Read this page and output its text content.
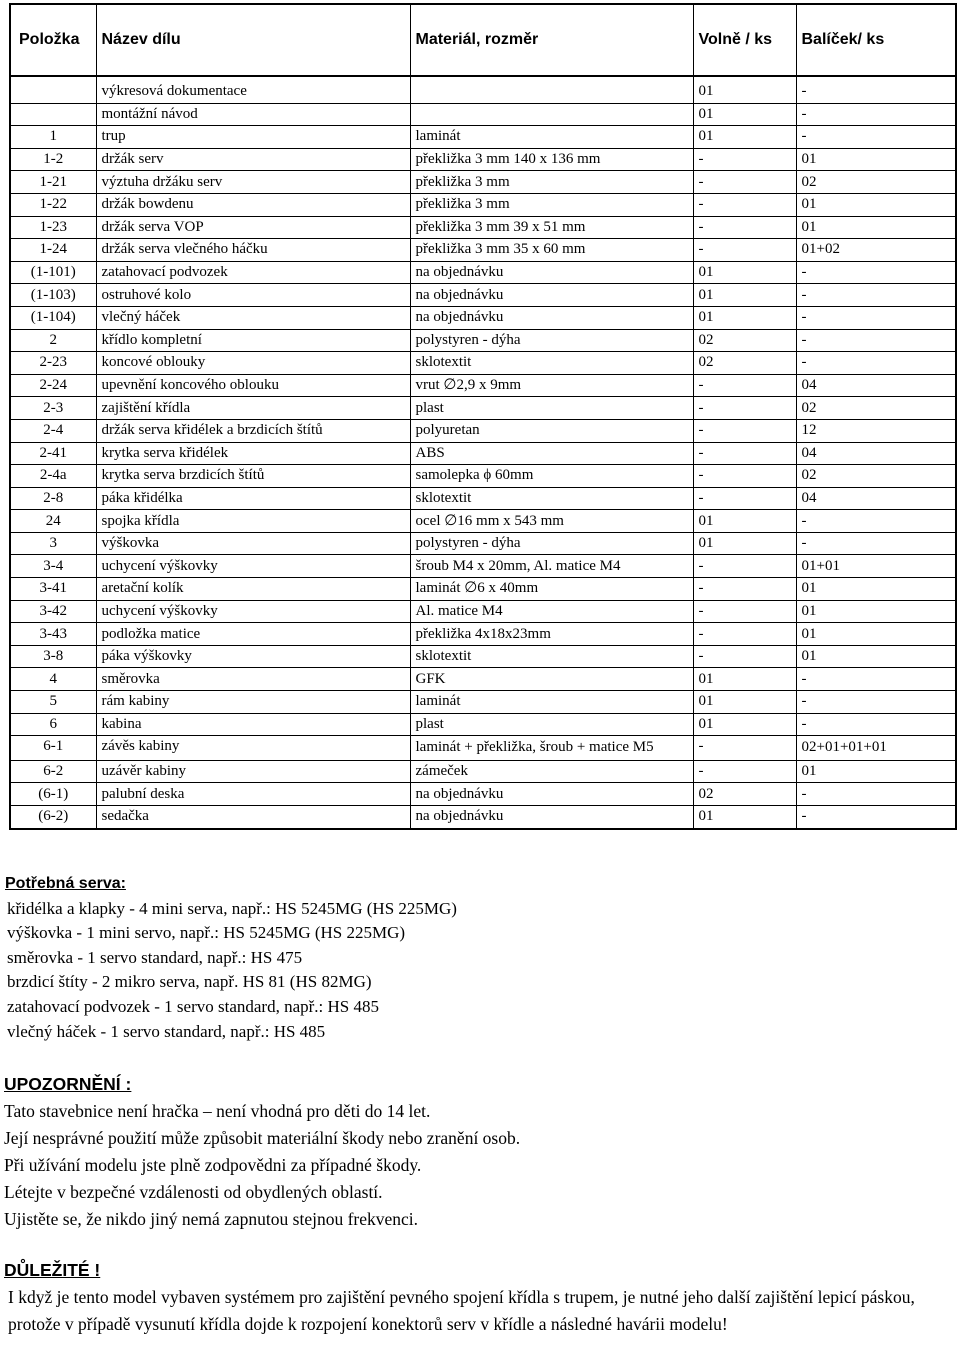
Položka	Název dílu	Materiál, rozměr	Volně / ks	Balíček/ ks
	výkresová dokumentace		01	-
	montážní návod		01	-
1	trup	laminát	01	-
1-2	držák serv	překližka 3 mm 140 x 136 mm	-	01
1-21	výztuha držáku serv	překližka 3 mm	-	02
1-22	držák bowdenu	překližka 3 mm	-	01
1-23	držák serva VOP	překližka 3 mm 39 x 51 mm	-	01
1-24	držák serva vlečného háčku	překližka 3 mm 35 x 60 mm	-	01+02
(1-101)	zatahovací podvozek	na objednávku	01	-
(1-103)	ostruhové kolo	na objednávku	01	-
(1-104)	vlečný háček	na objednávku	01	-
2	křídlo kompletní	polystyren - dýha	02	-
2-23	koncové oblouky	sklotextit	02	-
2-24	upevnění koncového oblouku	vrut ∅2,9 x 9mm	-	04
2-3	zajištění křídla	plast	-	02
2-4	držák serva křidélek a brzdicích štítů	polyuretan	-	12
2-41	krytka serva křidélek	ABS	-	04
2-4a	krytka serva brzdicích štítů	samolepka ϕ 60mm	-	02
2-8	páka křidélka	sklotextit	-	04
24	spojka křídla	ocel ∅16 mm x 543 mm	01	-
3	výškovka	polystyren - dýha	01	-
3-4	uchycení výškovky	šroub M4 x 20mm, Al. matice M4	-	01+01
3-41	aretační kolík	laminát ∅6 x 40mm	-	01
3-42	uchycení výškovky	Al. matice M4	-	01
3-43	podložka matice	překližka 4x18x23mm	-	01
3-8	páka výškovky	sklotextit	-	01
4	směrovka	GFK	01	-
5	rám kabiny	laminát	01	-
6	kabina	plast	01	-
6-1	závěs kabiny	laminát + překližka, šroub + matice M5	-	02+01+01+01
6-2	uzávěr kabiny	zámeček	-	01
(6-1)	palubní deska	na objednávku	02	-
(6-2)	sedačka	na objednávku	01	-
Potřebná serva:
křidélka a klapky - 4 mini serva, např.: HS 5245MG (HS 225MG)
výškovka - 1 mini servo, např.: HS 5245MG (HS 225MG)
směrovka - 1 servo standard, např.: HS 475
brzdicí štíty - 2 mikro serva, např. HS 81 (HS 82MG)
zatahovací podvozek - 1 servo standard, např.: HS 485
vlečný háček - 1 servo standard, např.: HS 485
UPOZORNĚNÍ :
Tato stavebnice není hračka – není vhodná pro děti do 14 let.
Její nesprávné použití může způsobit materiální škody nebo zranění osob.
Při užívání modelu jste plně zodpovědni za případné škody.
Létejte v bezpečné vzdálenosti od obydlených oblastí.
Ujistěte se, že nikdo jiný nemá zapnutou stejnou frekvenci.
DŮLEŽITÉ !
I když je tento model vybaven systémem pro zajištění pevného spojení křídla s trupem, je nutné jeho další zajištění lepicí páskou, protože v případě vysunutí křídla dojde k rozpojení konektorů serv v křídle a následné havárii modelu!
